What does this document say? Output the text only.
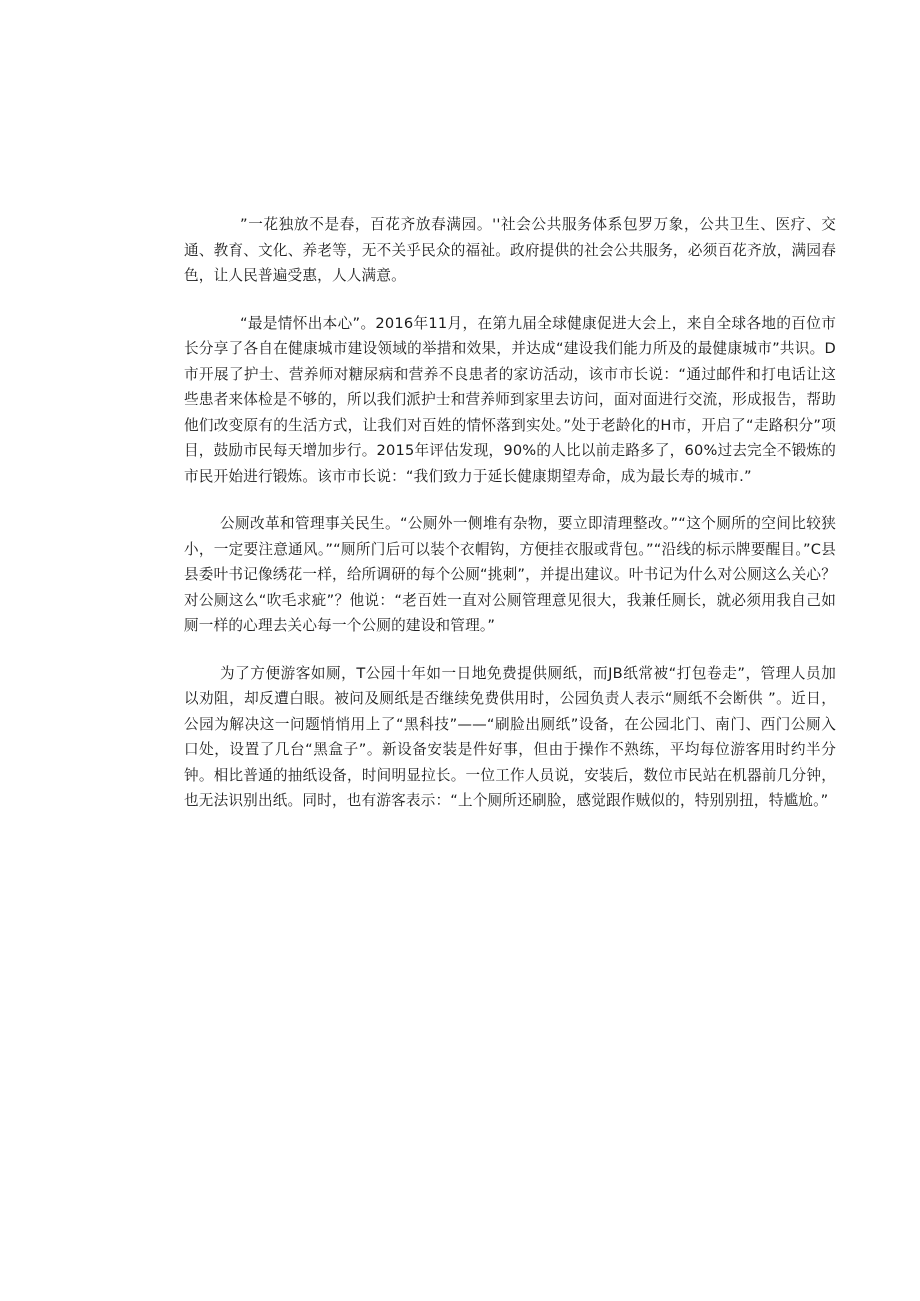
”一花独放不是春，百花齐放春满园。''社会公共服务体系包罗万象，公共卫生、医疗、交通、教育、文化、养老等，无不关乎民众的福祉。政府提供的社会公共服务，必须百花齐放，满园春色，让人民普遍受惠，人人满意。

“最是情怀出本心”。2016年11月，在第九届全球健康促进大会上，来自全球各地的百位市长分享了各自在健康城市建设领域的举措和效果，并达成“建设我们能力所及的最健康城市”共识。D市开展了护士、营养师对糖尿病和营养不良患者的家访活动，该市市长说：“通过邮件和打电话让这些患者来体检是不够的，所以我们派护士和营养师到家里去访问，面对面进行交流，形成报告，帮助他们改变原有的生活方式，让我们对百姓的情怀落到实处。”处于老龄化的H市，开启了“走路积分”项目，鼓励市民每天增加步行。2015年评估发现，90%的人比以前走路多了，60%过去完全不锻炼的市民开始进行锻炼。该市市长说：“我们致力于延长健康期望寿命，成为最长寿的城市.”

公厕改革和管理事关民生。“公厕外一侧堆有杂物，要立即清理整改。”“这个厕所的空间比较狭小，一定要注意通风。”“厕所门后可以装个衣帽钩，方便挂衣服或背包。”“沿线的标示牌要醒目。”C县县委叶书记像绣花一样，给所调研的每个公厕“挑刺”，并提出建议。叶书记为什么对公厕这么关心？对公厕这么“吹毛求疵”？他说：“老百姓一直对公厕管理意见很大，我兼任厕长，就必须用我自己如厕一样的心理去关心每一个公厕的建设和管理。”

为了方便游客如厕，T公园十年如一日地免费提供厕纸，而JB纸常被“打包卷走”，管理人员加以劝阻，却反遭白眼。被问及厕纸是否继续免费供用时，公园负责人表示“厕纸不会断供 ”。近日，公园为解决这一问题悄悄用上了“黑科技”——“刷脸出厕纸”设备，在公园北门、南门、西门公厕入口处，设置了几台“黑盒子”。新设备安装是件好事，但由于操作不熟练，平均每位游客用时约半分钟。相比普通的抽纸设备，时间明显拉长。一位工作人员说，安装后，数位市民站在机器前几分钟，也无法识别出纸。同时，也有游客表示：“上个厕所还刷脸，感觉跟作贼似的，特别别扭，特尴尬。”
